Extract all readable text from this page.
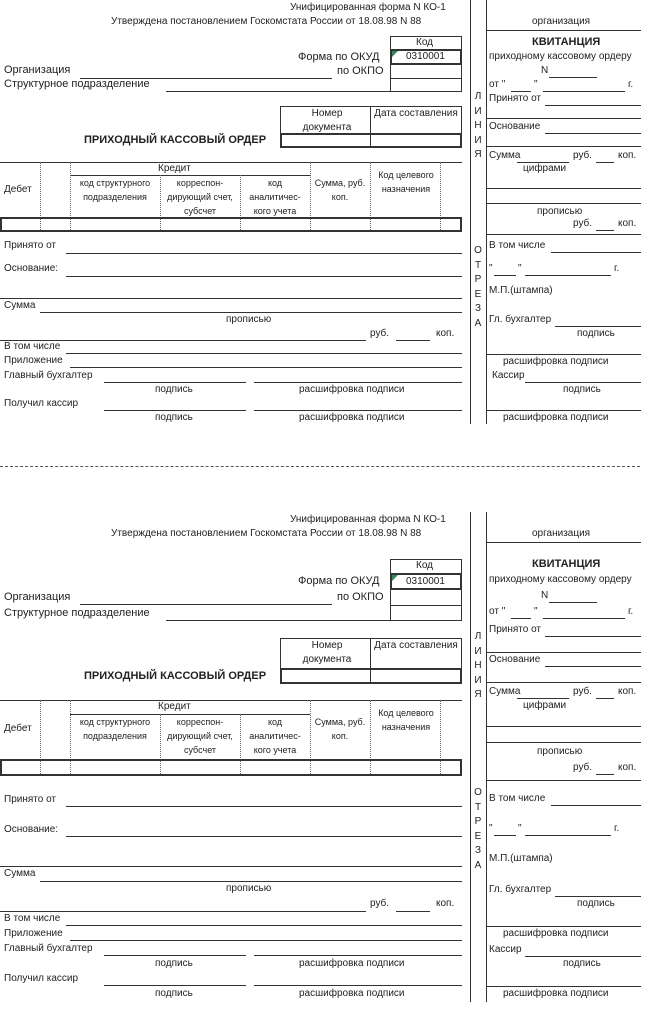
Унифицированная форма N КО-1
Утверждена постановлением Госкомстата России от 18.08.98 N 88
Код
0310001
Форма по ОКУД
по ОКПО
Организация
Структурное подразделение
Номер документа
Дата составления
ПРИХОДНЫЙ КАССОВЫЙ ОРДЕР
Кредит
Дебет
код структурного подразделения
корреспон-дирующий счет, субсчет
код аналитичес-кого учета
Сумма, руб. коп.
Код целевого назначения
Принято от
Основание:
Сумма
прописью
руб.	коп.
В том числе
Приложение
Главный бухгалтер
подпись	расшифровка подписи
Получил кассир
подпись	расшифровка подписи
Л
И
Н
И
Я
О
Т
Р
Е
З
А
организация
КВИТАНЦИЯ
приходному кассовому ордеру
N
от "	"	г.
Принято от
Основание
Сумма	руб.	коп.
цифрами
прописью
руб.	коп.
В том числе
"	"	г.
М.П.(штампа)
Гл. бухгалтер
подпись
расшифровка подписи
Кассир
подпись
расшифровка подписи
Унифицированная форма N КО-1
Утверждена постановлением Госкомстата России от 18.08.98 N 88
Код
0310001
Форма по ОКУД
по ОКПО
Организация
Структурное подразделение
Номер документа
Дата составления
ПРИХОДНЫЙ КАССОВЫЙ ОРДЕР
Кредит
Дебет
код структурного подразделения
корреспон-дирующий счет, субсчет
код аналитичес-кого учета
Сумма, руб. коп.
Код целевого назначения
Принято от
Основание:
Сумма
прописью
руб.	коп.
В том числе
Приложение
Главный бухгалтер
подпись	расшифровка подписи
Получил кассир
подпись	расшифровка подписи
Л
И
Н
И
Я
О
Т
Р
Е
З
А
организация
КВИТАНЦИЯ
приходному кассовому ордеру
N
от "	"	г.
Принято от
Основание
Сумма	руб.	коп.
цифрами
прописью
руб.	коп.
В том числе
"	"	г.
М.П.(штампа)
Гл. бухгалтер
подпись
расшифровка подписи
Кассир
подпись
расшифровка подписи
